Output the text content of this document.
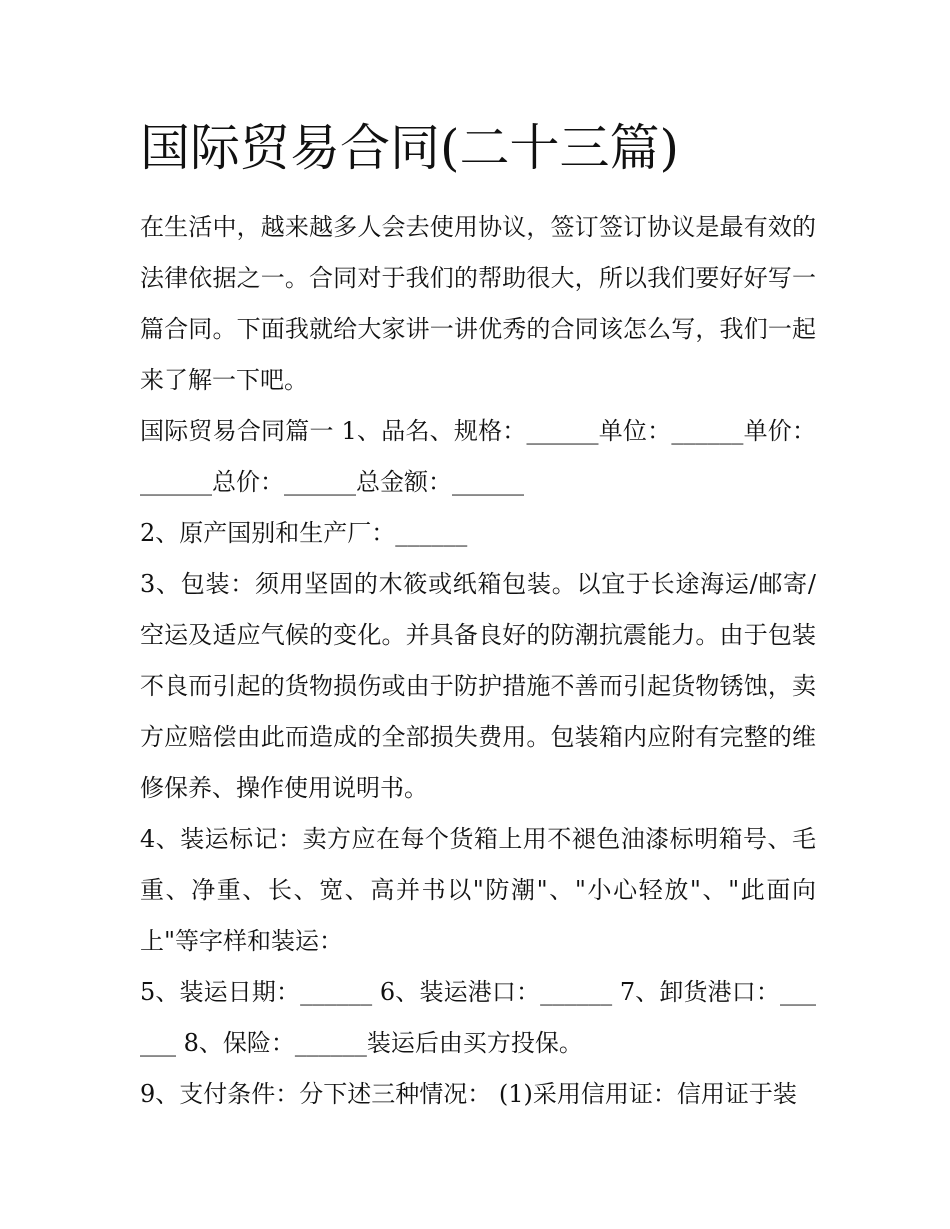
国际贸易合同(二十三篇)

在生活中，越来越多人会去使用协议，签订签订协议是最有效的法律依据之一。合同对于我们的帮助很大，所以我们要好好写一篇合同。下面我就给大家讲一讲优秀的合同该怎么写，我们一起来了解一下吧。

国际贸易合同篇一 1、品名、规格：______单位：______单价：______总价：______总金额：______

2、原产国别和生产厂：______

3、包装：须用坚固的木筱或纸箱包装。以宜于长途海运/邮寄/空运及适应气候的变化。并具备良好的防潮抗震能力。由于包装不良而引起的货物损伤或由于防护措施不善而引起货物锈蚀，卖方应赔偿由此而造成的全部损失费用。包装箱内应附有完整的维修保养、操作使用说明书。

4、装运标记：卖方应在每个货箱上用不褪色油漆标明箱号、毛重、净重、长、宽、高并书以"防潮"、"小心轻放"、"此面向上"等字样和装运：

5、装运日期：______ 6、装运港口：______ 7、卸货港口：______ 8、保险：______装运后由买方投保。

9、支付条件：分下述三种情况： (1)采用信用证：信用证于装
